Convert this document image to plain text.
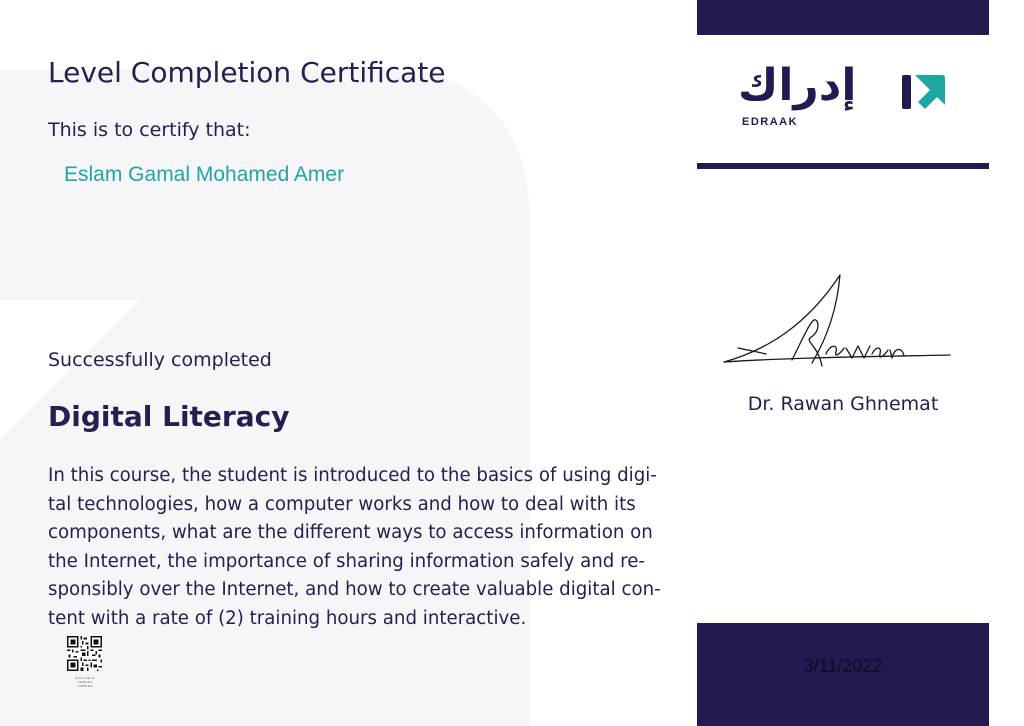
Level Completion Certificate
This is to certify that:
Eslam Gamal Mohamed Amer
Successfully completed
Digital Literacy

In this course, the student is introduced to the basics of using digi-
tal technologies, how a computer works and how to deal with its
components, what are the different ways to access information on
the Internet, the importance of sharing information safely and re-
sponsibly over the Internet, and how to create valuable digital con-
tent with a rate of (2) training hours and interactive.

Scan code to
verify the
certificate
إدراك
EDRAAK
Dr. Rawan Ghnemat
3/11/2022
